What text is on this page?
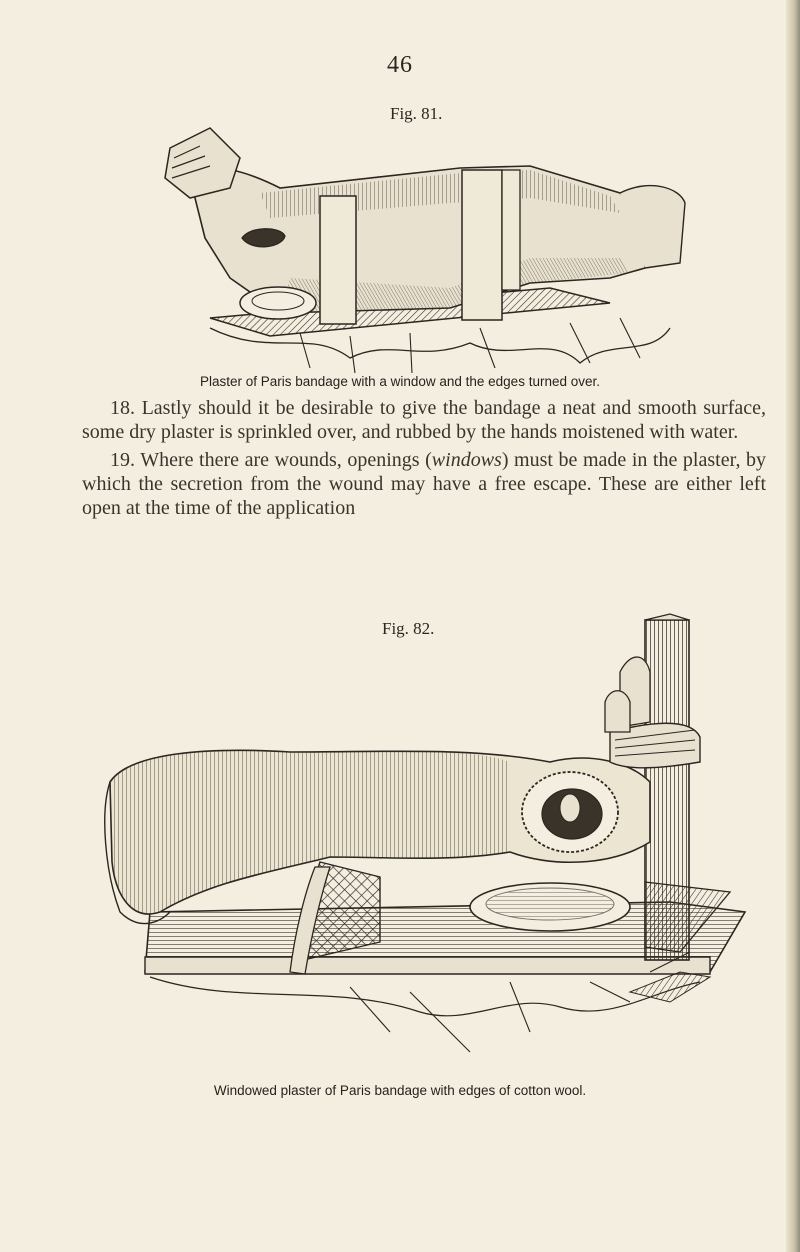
46
Fig. 81.
Plaster of Paris bandage with a window and the edges turned over.

18. Lastly should it be desirable to give the bandage a neat and smooth surface, some dry plaster is sprinkled over, and rubbed by the hands moistened with water.

19. Where there are wounds, openings (windows) must be made in the plaster, by which the secretion from the wound may have a free escape. These are either left open at the time of the application

Fig. 82.
Windowed plaster of Paris bandage with edges of cotton wool.
